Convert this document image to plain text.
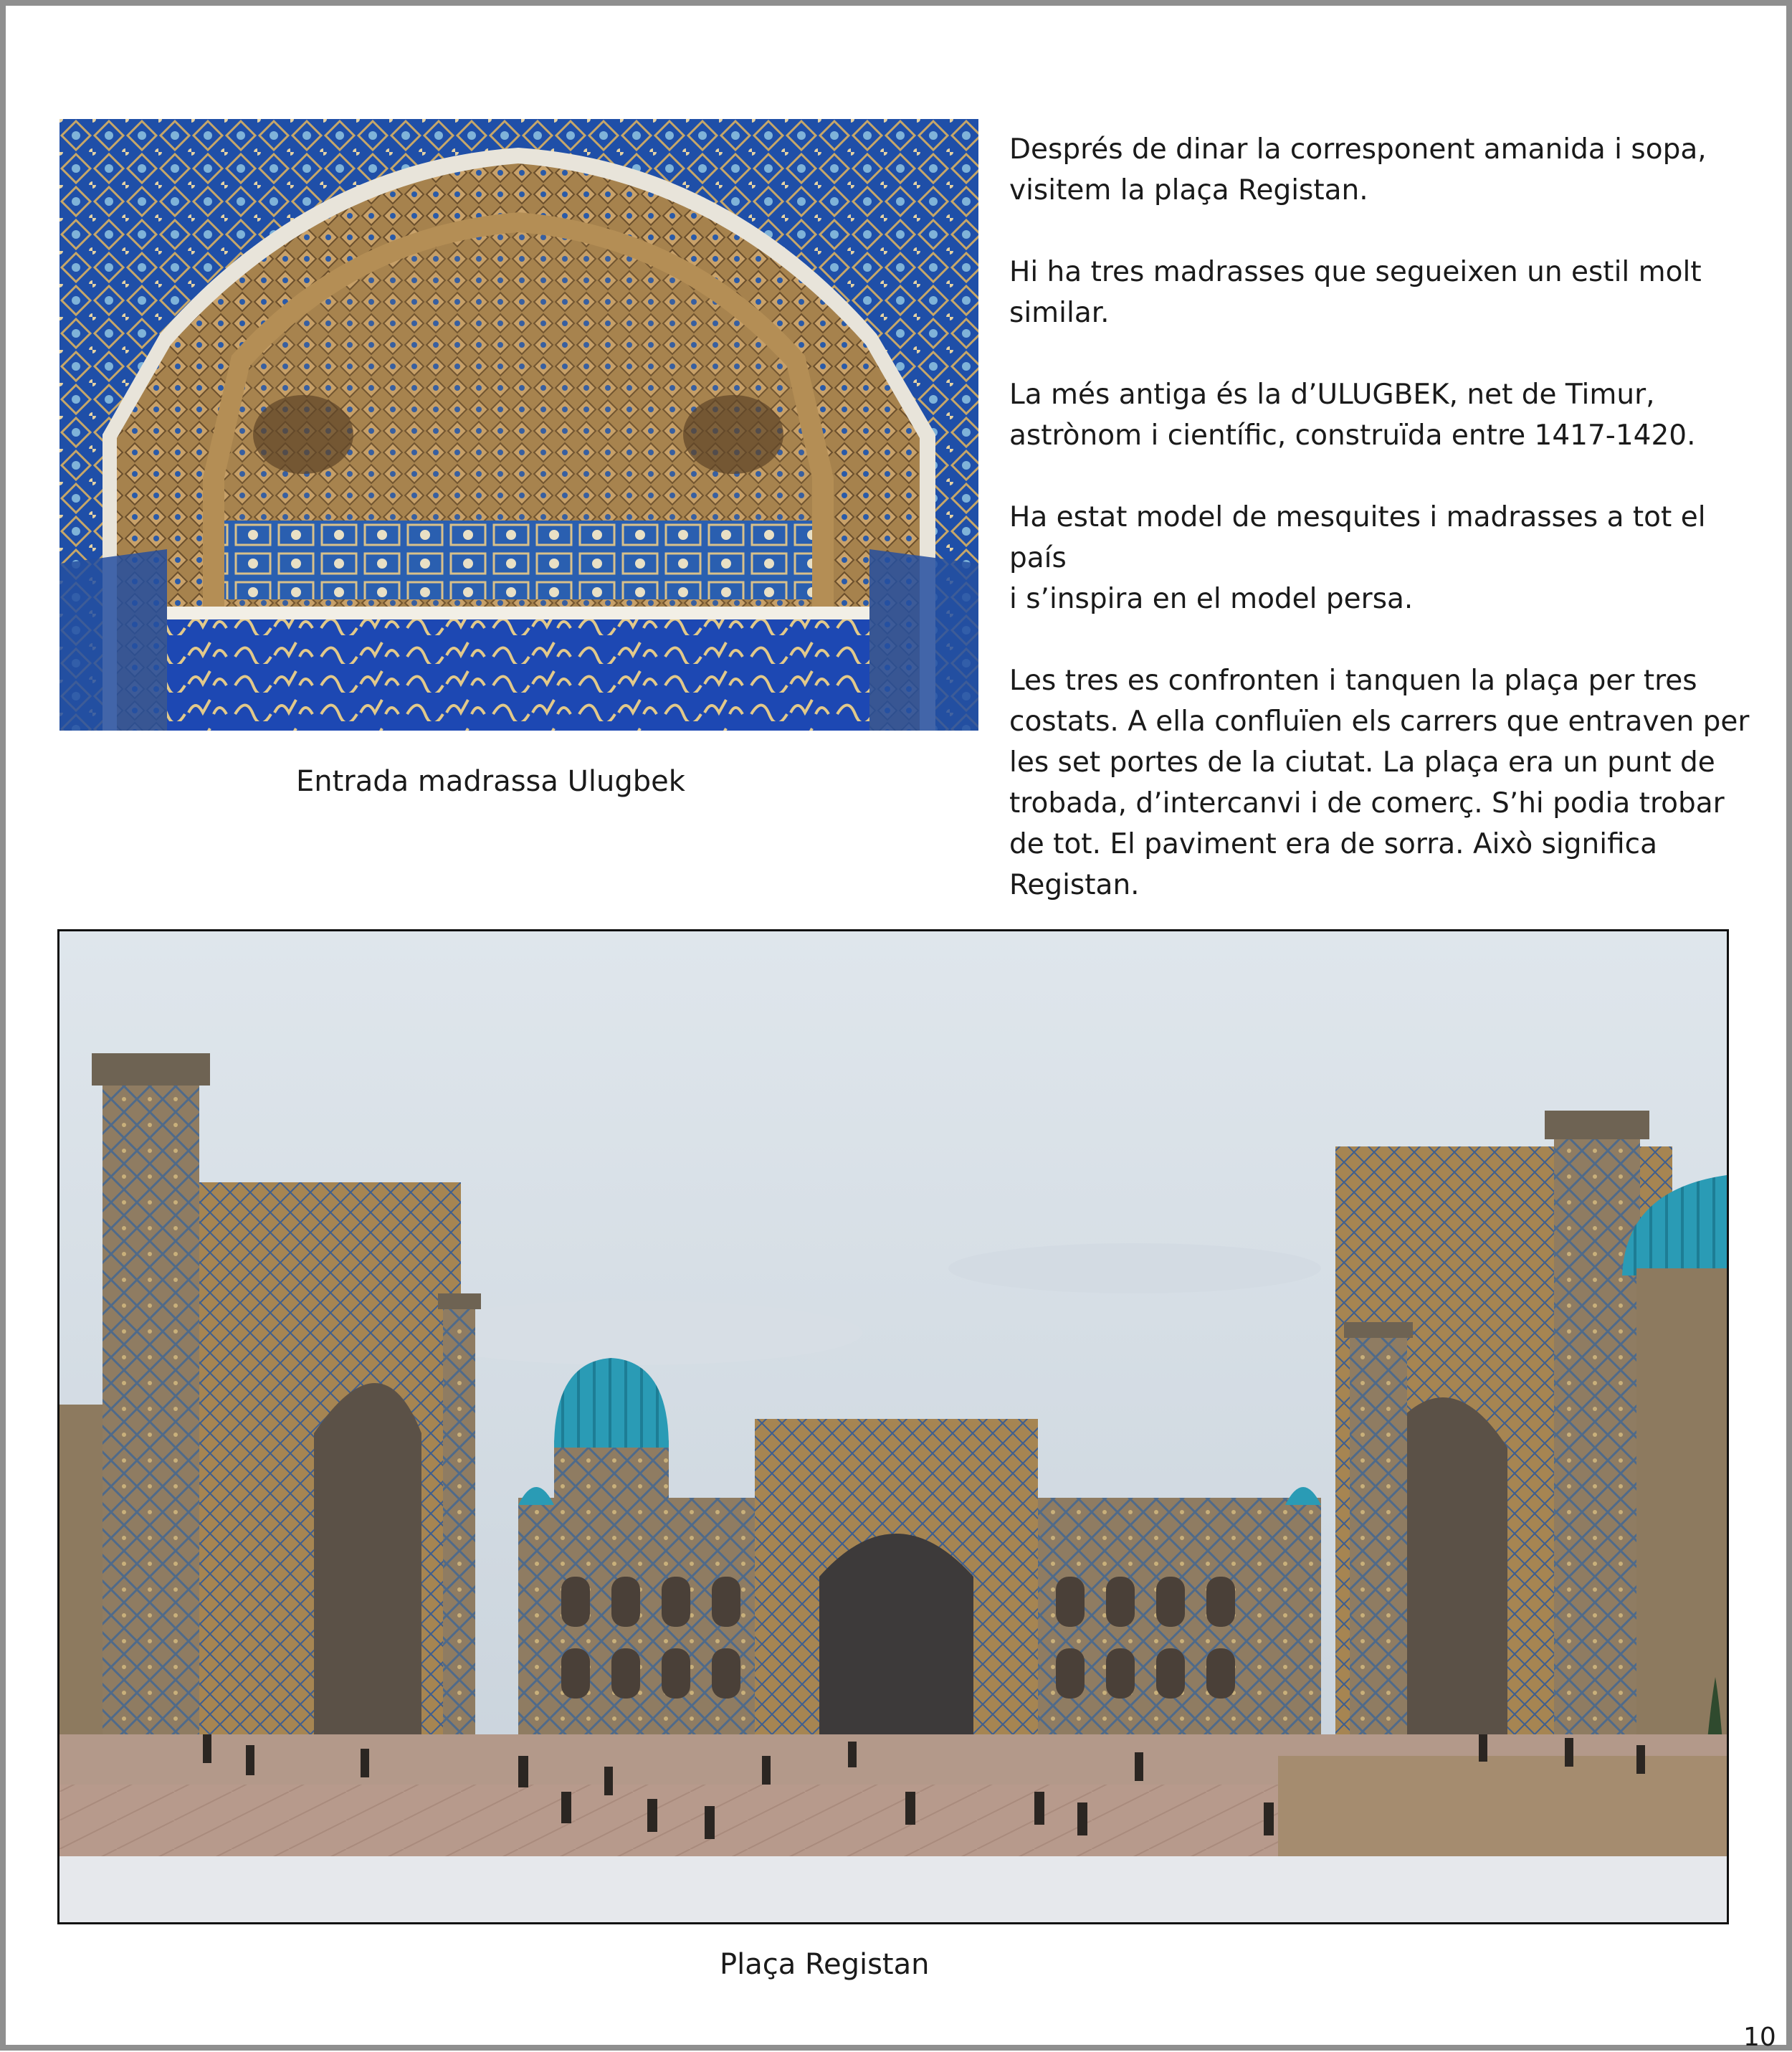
Entrada madrassa Ulugbek

Després de dinar la corresponent amanida i sopa,
visitem la plaça Registan.

Hi ha tres madrasses que segueixen un estil molt
similar.

La més antiga és la d’ULUGBEK, net de Timur,
astrònom i científic, construïda entre 1417-1420.

Ha estat model de mesquites i madrasses a tot el país
i s’inspira en el model persa.

Les tres es confronten i tanquen la plaça per tres
costats. A ella confluïen els carrers que entraven per
les set portes de la ciutat. La plaça era un punt de
trobada, d’intercanvi i de comerç. S’hi podia trobar
de tot. El paviment era de sorra. Això significa Registan.

Plaça Registan
10
